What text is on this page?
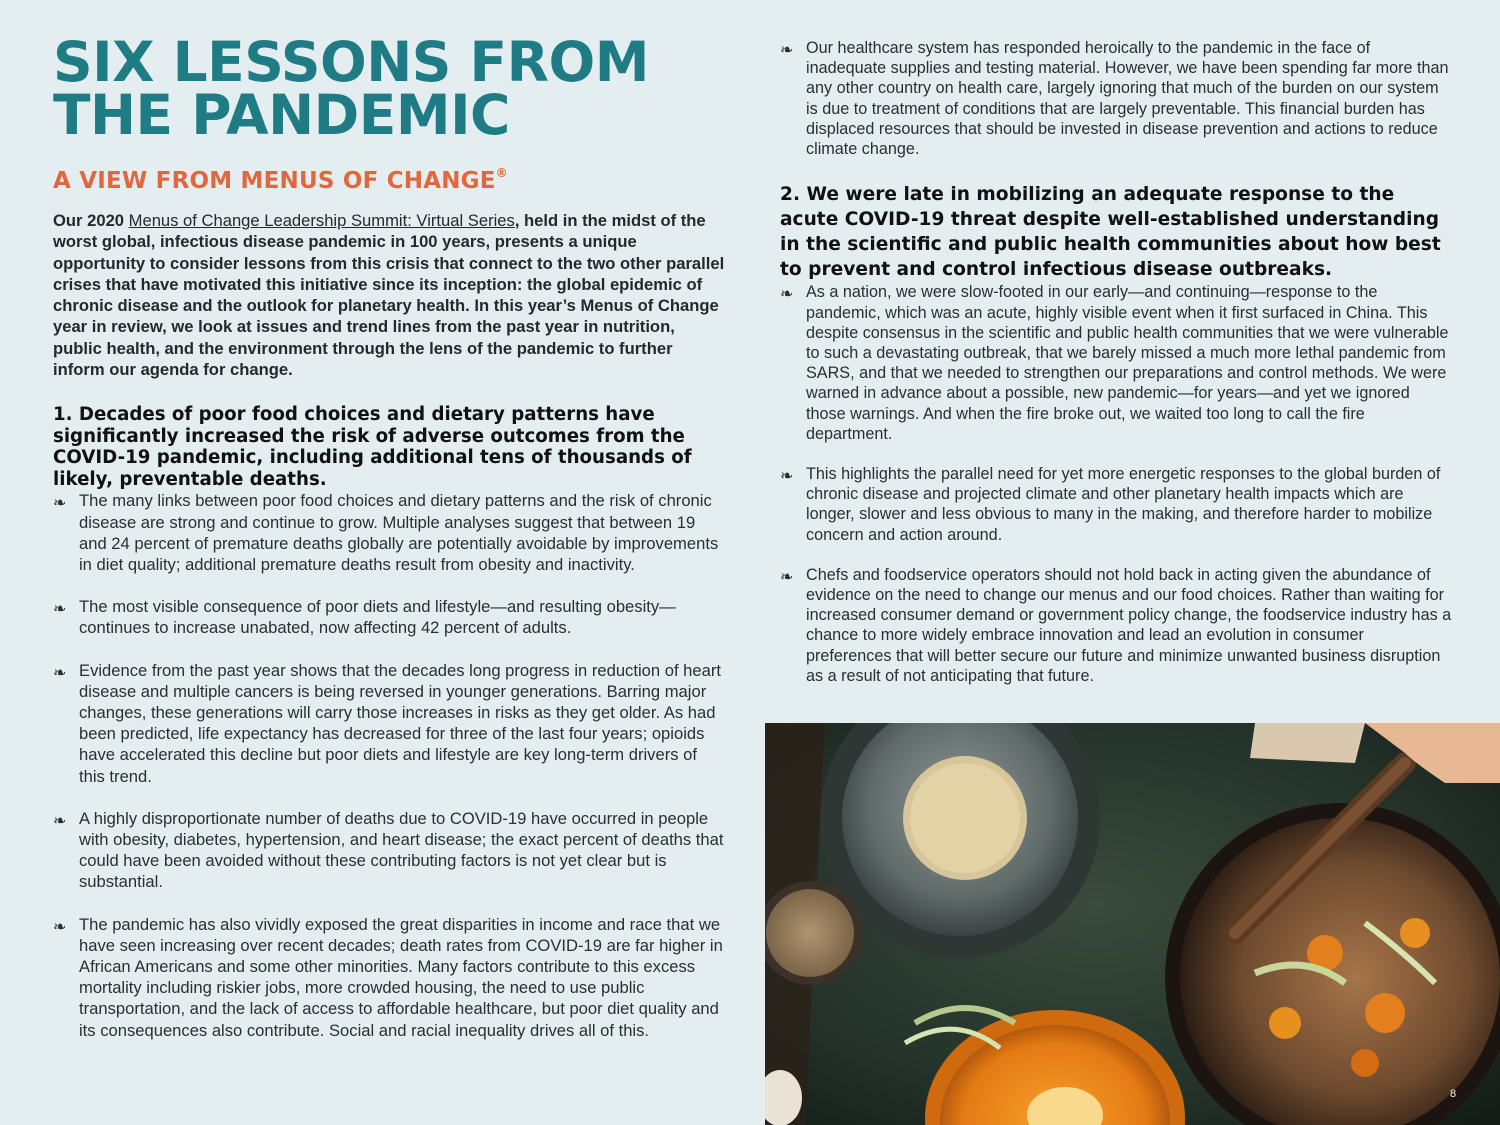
SIX LESSONS FROM
THE PANDEMIC
A VIEW FROM MENUS OF CHANGE®

Our 2020 Menus of Change Leadership Summit: Virtual Series, held in the midst of the worst global, infectious disease pandemic in 100 years, presents a unique opportunity to consider lessons from this crisis that connect to the two other parallel crises that have motivated this initiative since its inception: the global epidemic of chronic disease and the outlook for planetary health. In this year’s Menus of Change year in review, we look at issues and trend lines from the past year in nutrition, public health, and the environment through the lens of the pandemic to further inform our agenda for change.

1. Decades of poor food choices and dietary patterns have significantly increased the risk of adverse outcomes from the COVID-19 pandemic, including additional tens of thousands of likely, preventable deaths.
❧ The many links between poor food choices and dietary patterns and the risk of chronic disease are strong and continue to grow. Multiple analyses suggest that between 19 and 24 percent of premature deaths globally are potentially avoidable by improvements in diet quality; additional premature deaths result from obesity and inactivity.
❧ The most visible consequence of poor diets and lifestyle—and resulting obesity—continues to increase unabated, now affecting 42 percent of adults.
❧ Evidence from the past year shows that the decades long progress in reduction of heart disease and multiple cancers is being reversed in younger generations. Barring major changes, these generations will carry those increases in risks as they get older. As had been predicted, life expectancy has decreased for three of the last four years; opioids have accelerated this decline but poor diets and lifestyle are key long-term drivers of this trend.
❧ A highly disproportionate number of deaths due to COVID-19 have occurred in people with obesity, diabetes, hypertension, and heart disease; the exact percent of deaths that could have been avoided without these contributing factors is not yet clear but is substantial.
❧ The pandemic has also vividly exposed the great disparities in income and race that we have seen increasing over recent decades; death rates from COVID-19 are far higher in African Americans and some other minorities. Many factors contribute to this excess mortality including riskier jobs, more crowded housing, the need to use public transportation, and the lack of access to affordable healthcare, but poor diet quality and its consequences also contribute. Social and racial inequality drives all of this.
❧ Our healthcare system has responded heroically to the pandemic in the face of inadequate supplies and testing material. However, we have been spending far more than any other country on health care, largely ignoring that much of the burden on our system is due to treatment of conditions that are largely preventable. This financial burden has displaced resources that should be invested in disease prevention and actions to reduce climate change.
2. We were late in mobilizing an adequate response to the acute COVID-19 threat despite well-established understanding in the scientific and public health communities about how best to prevent and control infectious disease outbreaks.
❧ As a nation, we were slow-footed in our early—and continuing—response to the pandemic, which was an acute, highly visible event when it first surfaced in China. This despite consensus in the scientific and public health communities that we were vulnerable to such a devastating outbreak, that we barely missed a much more lethal pandemic from SARS, and that we needed to strengthen our preparations and control methods. We were warned in advance about a possible, new pandemic—for years—and yet we ignored those warnings. And when the fire broke out, we waited too long to call the fire department.
❧ This highlights the parallel need for yet more energetic responses to the global burden of chronic disease and projected climate and other planetary health impacts which are longer, slower and less obvious to many in the making, and therefore harder to mobilize concern and action around.
❧ Chefs and foodservice operators should not hold back in acting given the abundance of evidence on the need to change our menus and our food choices. Rather than waiting for increased consumer demand or government policy change, the foodservice industry has a chance to more widely embrace innovation and lead an evolution in consumer preferences that will better secure our future and minimize unwanted business disruption as a result of not anticipating that future.
8
